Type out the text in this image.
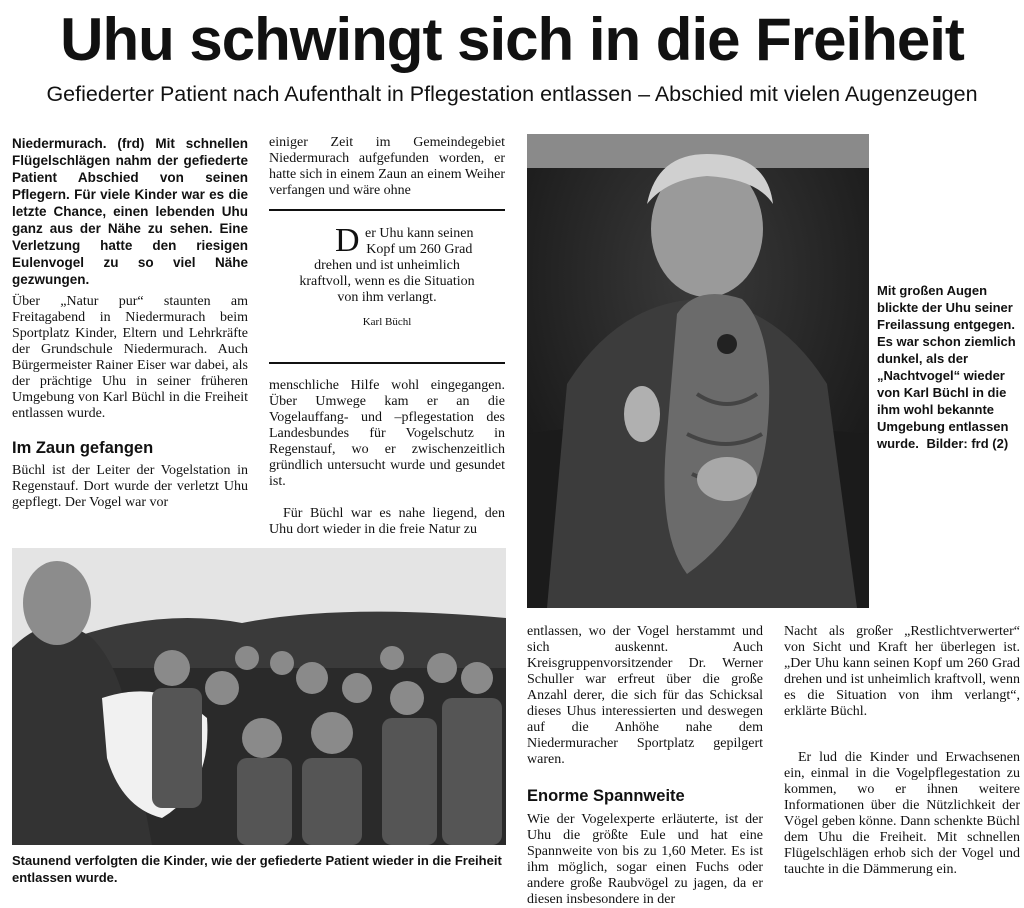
Uhu schwingt sich in die Freiheit
Gefiederter Patient nach Aufenthalt in Pflegestation entlassen – Abschied mit vielen Augenzeugen

Niedermurach. (frd) Mit schnellen Flügelschlägen nahm der gefiederte Patient Abschied von seinen Pflegern. Für viele Kinder war es die letzte Chance, einen lebenden Uhu ganz aus der Nähe zu sehen. Eine Verletzung hatte den riesigen Eulenvogel zu so viel Nähe gezwungen.

Über „Natur pur“ staunten am Freitagabend in Niedermurach beim Sportplatz Kinder, Eltern und Lehrkräfte der Grundschule Niedermurach. Auch Bürgermeister Rainer Eiser war dabei, als der prächtige Uhu in seiner früheren Umgebung von Karl Büchl in die Freiheit entlassen wurde.

Im Zaun gefangen

Büchl ist der Leiter der Vogelstation in Regenstauf. Dort wurde der verletzt Uhu gepflegt. Der Vogel war vor

einiger Zeit im Gemeindegebiet Niedermurach aufgefunden worden, er hatte sich in einem Zaun an einem Weiher verfangen und wäre ohne

Der Uhu kann seinen Kopf um 260 Grad drehen und ist unheimlich kraftvoll, wenn es die Situation von ihm verlangt.
Karl Büchl

menschliche Hilfe wohl eingegangen. Über Umwege kam er an die Vogelauffang- und –pflegestation des Landesbundes für Vogelschutz in Regenstauf, wo er zwischenzeitlich gründlich untersucht wurde und gesundet ist.

Für Büchl war es nahe liegend, den Uhu dort wieder in die freie Natur zu

Mit großen Augen blickte der Uhu seiner Freilassung entgegen. Es war schon ziemlich dunkel, als der „Nachtvogel“ wieder von Karl Büchl in die ihm wohl bekannte Umgebung entlassen wurde. Bilder: frd (2)
Staunend verfolgten die Kinder, wie der gefiederte Patient wieder in die Freiheit entlassen wurde.

entlassen, wo der Vogel herstammt und sich auskennt. Auch Kreisgruppenvorsitzender Dr. Werner Schuller war erfreut über die große Anzahl derer, die sich für das Schicksal dieses Uhus interessierten und deswegen auf die Anhöhe nahe dem Niedermuracher Sportplatz gepilgert waren.

Enorme Spannweite

Wie der Vogelexperte erläuterte, ist der Uhu die größte Eule und hat eine Spannweite von bis zu 1,60 Meter. Es ist ihm möglich, sogar einen Fuchs oder andere große Raubvögel zu jagen, da er diesen insbesondere in der

Nacht als großer „Restlichtverwerter“ von Sicht und Kraft her überlegen ist. „Der Uhu kann seinen Kopf um 260 Grad drehen und ist unheimlich kraftvoll, wenn es die Situation von ihm verlangt“, erklärte Büchl.

Er lud die Kinder und Erwachsenen ein, einmal in die Vogelpflegestation zu kommen, wo er ihnen weitere Informationen über die Nützlichkeit der Vögel geben könne. Dann schenkte Büchl dem Uhu die Freiheit. Mit schnellen Flügelschlägen erhob sich der Vogel und tauchte in die Dämmerung ein.
